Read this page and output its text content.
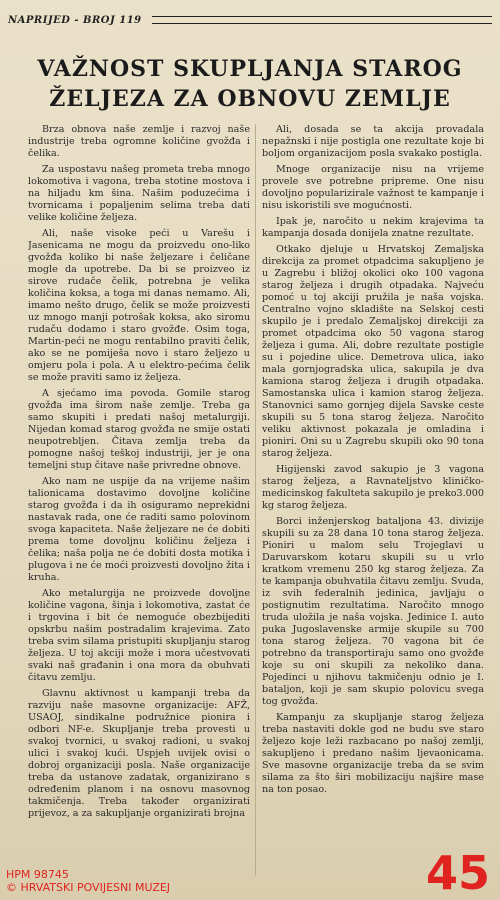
NAPRIJED - BROJ 119
VAŽNOST SKUPLJANJA STAROG
ŽELJEZA ZA OBNOVU ZEMLJE

Brza obnova naše zemlje i razvoj naše industrije treba ogromne količine gvožđa i čelika.

Za uspostavu našeg prometa treba mnogo lokomotiva i vagona, treba stotine mostova i na hiljadu km šina. Našim poduzećima i tvornicama i popaljenim selima treba dati velike količine željeza.

Ali, naše visoke peći u Varešu i Jasenicama ne mogu da proizvedu ono-liko gvožđa koliko bi naše željezare i čeličane mogle da upotrebe. Da bi se proizveo iz sirove rudače čelik, potrebna je velika količina koksa, a toga mi danas nemamo. Ali, imamo nešto drugo, čelik se može proizvesti uz mnogo manji potrošak koksa, ako siromu rudaču dodamo i staro gvožđe. Osim toga, Martin-peći ne mogu rentabilno praviti čelik, ako se ne pomiješa novo i staro željezo u omjeru pola i pola. A u elektro-pećima čelik se može praviti samo iz željeza.

A sjećamo ima povoda. Gomile starog gvožđa ima širom naše zemlje. Treba ga samo skupiti i predati našoj metalurgiji. Nijedan komad starog gvožđa ne smije ostati neupotrebljen. Čitava zemlja treba da pomogne našoj teškoj industriji, jer je ona temeljni stup čitave naše privredne obnove.

Ako nam ne uspije da na vrijeme našim talionicama dostavimo dovoljne količine starog gvožđa i da ih osiguramo neprekidni nastavak rada, one će raditi samo polovinom svoga kapaciteta. Naše željezare ne će dobiti prema tome dovoljnu količinu željeza i čelika; naša polja ne će dobiti dosta motika i plugova i ne će moći proizvesti dovoljno žita i kruha.

Ako metalurgija ne proizvede dovoljne količine vagona, šinja i lokomotiva, zastat će i trgovina i bit će nemoguće obezbijediti opskrbu našim postradalim krajevima. Zato treba svim silama pristupiti skupljanju starog željeza. U toj akciji može i mora učestvovati svaki naš građanin i ona mora da obuhvati čitavu zemlju.

Glavnu aktivnost u kampanji treba da razviju naše masovne organizacije: AFŽ, USAOJ, sindikalne podružnice pionira i odbori NF-e. Skupljanje treba provesti u svakoj tvornici, u svakoj radioni, u svakoj ulici i svakoj kući. Uspjeh uvijek ovisi o dobroj organizaciji posla. Naše organizacije treba da ustanove zadatak, organizirano s određenim planom i na osnovu masovnog takmičenja. Treba također organizirati prijevoz, a za sakupljanje organizirati brojna

Ali, dosada se ta akcija provadala nepažnski i nije postigla one rezultate koje bi boljom organizacijom posla svakako postigla.

Mnoge organizacije nisu na vrijeme provele sve potrebne pripreme. One nisu dovoljno popularizirale važnost te kampanje i nisu iskoristili sve mogućnosti.

Ipak je, naročito u nekim krajevima ta kampanja dosada donijela znatne rezultate.

Otkako djeluje u Hrvatskoj Zemaljska direkcija za promet otpadcima sakupljeno je u Zagrebu i bližoj okolici oko 100 vagona starog željeza i drugih otpadaka. Najveću pomoć u toj akciji pružila je naša vojska. Centralno vojno skladište na Selskoj cesti skupilo je i predalo Zemaljskoj direkciji za promet otpadcima oko 50 vagona starog željeza i guma. Ali, dobre rezultate postigle su i pojedine ulice. Demetrova ulica, iako mala gornjogradska ulica, sakupila je dva kamiona starog željeza i drugih otpadaka. Samostanska ulica i kamion starog željeza. Stanovnici samo gornjeg dijela Savske ceste skupili su 5 tona starog željeza. Naročito veliku aktivnost pokazala je omladina i pioniri. Oni su u Zagrebu skupili oko 90 tona starog željeza.

Higijenski zavod sakupio je 3 vagona starog željeza, a Ravnateljstvo kliničko-medicinskog fakulteta sakupilo je preko3.000 kg starog željeza.

Borci inženjerskog bataljona 43. divizije skupili su za 28 dana 10 tona starog željeza. Pioniri u malom selu Trojeglavi u Daruvarskom kotaru skupili su u vrlo kratkom vremenu 250 kg starog željeza. Za te kampanja obuhvatila čitavu zemlju. Svuda, iz svih federalnih jedinica, javljaju o postignutim rezultatima. Naročito mnogo truda uložila je naša vojska. Jedinice I. auto puka Jugoslavenske armije skupile su 700 tona starog željeza. 70 vagona bit će potrebno da transportiraju samo ono gvožđe koje su oni skupili za nekoliko dana. Pojedinci u njihovu takmičenju odnio je I. bataljon, koji je sam skupio polovicu svega tog gvožđa.

Kampanju za skupljanje starog željeza treba nastaviti dokle god ne budu sve staro željezo koje leži razbacano po našoj zemlji, sakupljeno i predano našim ljevaonicama. Sve masovne organizacije treba da se svim silama za što širi mobilizaciju najšire mase na ton posao.

HPM 98745
© HRVATSKI POVIJESNI MUZEJ	45
